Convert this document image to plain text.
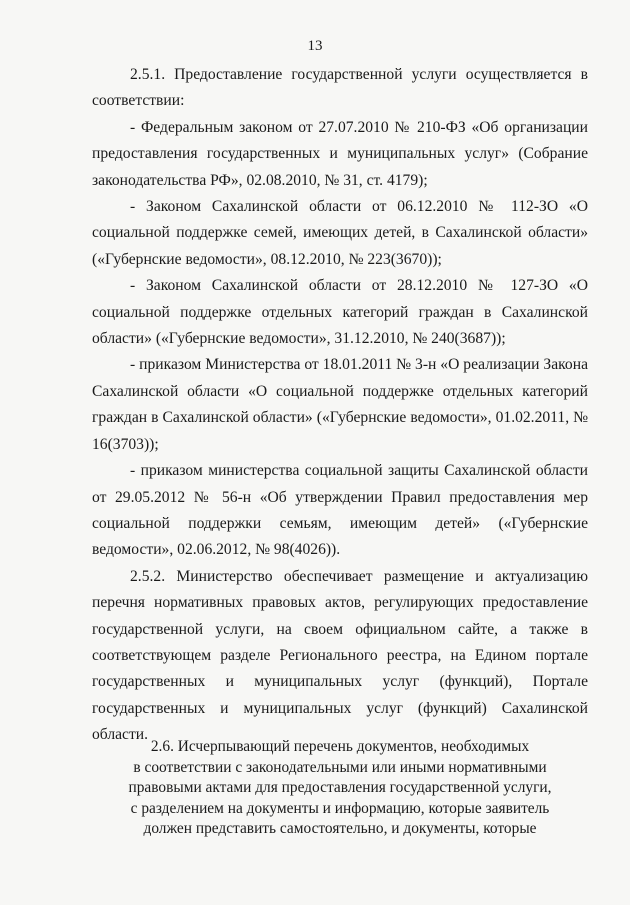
13

2.5.1. Предоставление государственной услуги осуществляется в соответствии:

- Федеральным законом от 27.07.2010 № 210-ФЗ «Об организации предоставления государственных и муниципальных услуг» (Собрание законодательства РФ», 02.08.2010, № 31, ст. 4179);

- Законом Сахалинской области от 06.12.2010 № 112-ЗО «О социальной поддержке семей, имеющих детей, в Сахалинской области» («Губернские ведомости», 08.12.2010, № 223(3670));

- Законом Сахалинской области от 28.12.2010 № 127-ЗО «О социальной поддержке отдельных категорий граждан в Сахалинской области» («Губернские ведомости», 31.12.2010, № 240(3687));

- приказом Министерства от 18.01.2011 № 3-н «О реализации Закона Сахалинской области «О социальной поддержке отдельных категорий граждан в Сахалинской области» («Губернские ведомости», 01.02.2011, № 16(3703));

- приказом министерства социальной защиты Сахалинской области от 29.05.2012 № 56-н «Об утверждении Правил предоставления мер социальной поддержки семьям, имеющим детей» («Губернские ведомости», 02.06.2012, № 98(4026)).

2.5.2. Министерство обеспечивает размещение и актуализацию перечня нормативных правовых актов, регулирующих предоставление государственной услуги, на своем официальном сайте, а также в соответствующем разделе Регионального реестра, на Едином портале государственных и муниципальных услуг (функций), Портале государственных и муниципальных услуг (функций) Сахалинской области.

2.6. Исчерпывающий перечень документов, необходимых
в соответствии с законодательными или иными нормативными
правовыми актами для предоставления государственной услуги,
с разделением на документы и информацию, которые заявитель
должен представить самостоятельно, и документы, которые
